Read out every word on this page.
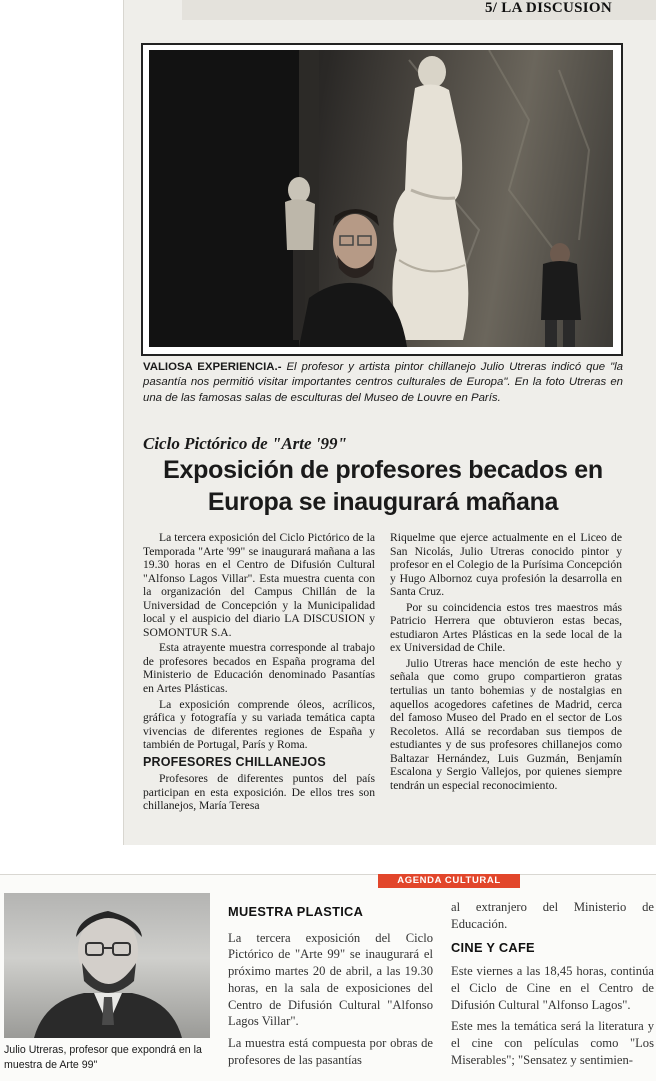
5/ LA DISCUSION
VALIOSA EXPERIENCIA.- El profesor y artista pintor chillanejo Julio Utreras indicó que "la pasantía nos permitió visitar importantes centros culturales de Europa". En la foto Utreras en una de las famosas salas de esculturas del Museo de Louvre en París.
Ciclo Pictórico de "Arte '99"
Exposición de profesores becados en Europa se inaugurará mañana

La tercera exposición del Ciclo Pictórico de la Temporada "Arte '99" se inaugurará mañana a las 19.30 horas en el Centro de Difusión Cultural "Alfonso Lagos Villar". Esta muestra cuenta con la organización del Campus Chillán de la Universidad de Concepción y la Municipalidad local y el auspicio del diario LA DISCUSION y SOMONTUR S.A.

Esta atrayente muestra corresponde al trabajo de profesores becados en España programa del Ministerio de Educación denominado Pasantías en Artes Plásticas.

La exposición comprende óleos, acrílicos, gráfica y fotografía y su variada temática capta vivencias de diferentes regiones de España y también de Portugal, París y Roma.

PROFESORES CHILLANEJOS

Profesores de diferentes puntos del país participan en esta exposición. De ellos tres son chillanejos, María Teresa

Riquelme que ejerce actualmente en el Liceo de San Nicolás, Julio Utreras conocido pintor y profesor en el Colegio de la Purísima Concepción y Hugo Albornoz cuya profesión la desarrolla en Santa Cruz.

Por su coincidencia estos tres maestros más Patricio Herrera que obtuvieron estas becas, estudiaron Artes Plásticas en la sede local de la ex Universidad de Chile.

Julio Utreras hace mención de este hecho y señala que como grupo compartieron gratas tertulias un tanto bohemias y de nostalgias en aquellos acogedores cafetines de Madrid, cerca del famoso Museo del Prado en el sector de Los Recoletos. Allá se recordaban sus tiempos de estudiantes y de sus profesores chillanejos como Baltazar Hernández, Luis Guzmán, Benjamín Escalona y Sergio Vallejos, por quienes siempre tendrán un especial reconocimiento.

AGENDA CULTURAL
Julio Utreras, profesor que expondrá en la muestra de Arte 99"
MUESTRA PLASTICA

La tercera exposición del Ciclo Pictórico de "Arte 99" se inaugurará el próximo martes 20 de abril, a las 19.30 horas, en la sala de exposiciones del Centro de Difusión Cultural "Alfonso Lagos Villar".

La muestra está compuesta por obras de profesores de las pasantías

al extranjero del Ministerio de Educación.

CINE Y CAFE

Este viernes a las 18,45 horas, continúa el Ciclo de Cine en el Centro de Difusión Cultural "Alfonso Lagos".

Este mes la temática será la literatura y el cine con películas como "Los Miserables"; "Sensatez y sentimien-
